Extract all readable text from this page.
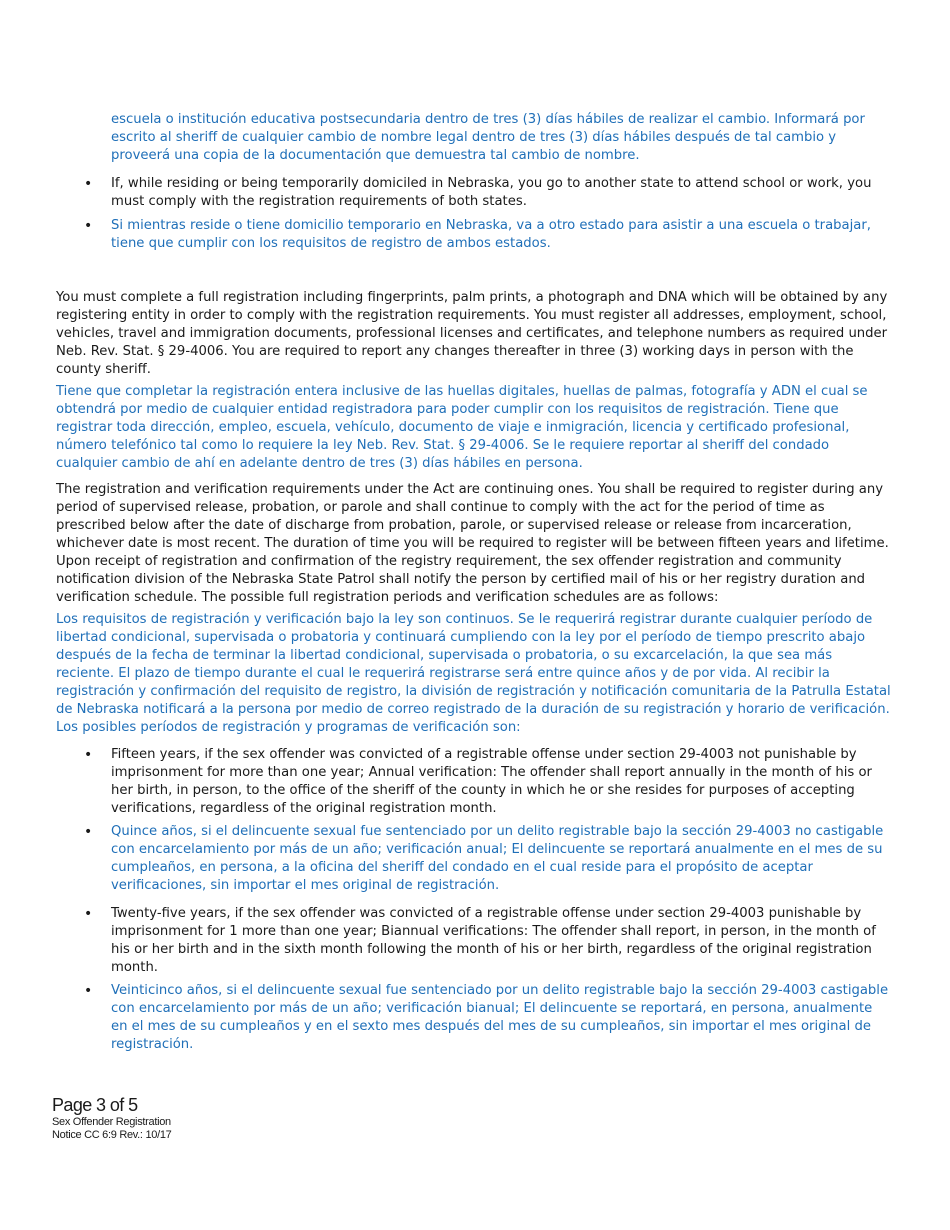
escuela o institución educativa postsecundaria dentro de tres (3) días hábiles de realizar el cambio. Informará por escrito al sheriff de cualquier cambio de nombre legal dentro de tres (3) días hábiles después de tal cambio y proveerá una copia de la documentación que demuestra tal cambio de nombre.

• If, while residing or being temporarily domiciled in Nebraska, you go to another state to attend school or work, you must comply with the registration requirements of both states.

• Si mientras reside o tiene domicilio temporario en Nebraska, va a otro estado para asistir a una escuela o trabajar, tiene que cumplir con los requisitos de registro de ambos estados.

You must complete a full registration including fingerprints, palm prints, a photograph and DNA which will be obtained by any registering entity in order to comply with the registration requirements. You must register all addresses, employment, school, vehicles, travel and immigration documents, professional licenses and certificates, and telephone numbers as required under Neb. Rev. Stat. § 29-4006. You are required to report any changes thereafter in three (3) working days in person with the county sheriff.

Tiene que completar la registración entera inclusive de las huellas digitales, huellas de palmas, fotografía y ADN el cual se obtendrá por medio de cualquier entidad registradora para poder cumplir con los requisitos de registración. Tiene que registrar toda dirección, empleo, escuela, vehículo, documento de viaje e inmigración, licencia y certificado profesional, número telefónico tal como lo requiere la ley Neb. Rev. Stat. § 29-4006. Se le requiere reportar al sheriff del condado cualquier cambio de ahí en adelante dentro de tres (3) días hábiles en persona.

The registration and verification requirements under the Act are continuing ones. You shall be required to register during any period of supervised release, probation, or parole and shall continue to comply with the act for the period of time as prescribed below after the date of discharge from probation, parole, or supervised release or release from incarceration, whichever date is most recent. The duration of time you will be required to register will be between fifteen years and lifetime. Upon receipt of registration and confirmation of the registry requirement, the sex offender registration and community notification division of the Nebraska State Patrol shall notify the person by certified mail of his or her registry duration and verification schedule. The possible full registration periods and verification schedules are as follows:

Los requisitos de registración y verificación bajo la ley son continuos. Se le requerirá registrar durante cualquier período de libertad condicional, supervisada o probatoria y continuará cumpliendo con la ley por el período de tiempo prescrito abajo después de la fecha de terminar la libertad condicional, supervisada o probatoria, o su excarcelación, la que sea más reciente. El plazo de tiempo durante el cual le requerirá registrarse será entre quince años y de por vida. Al recibir la registración y confirmación del requisito de registro, la división de registración y notificación comunitaria de la Patrulla Estatal de Nebraska notificará a la persona por medio de correo registrado de la duración de su registración y horario de verificación. Los posibles períodos de registración y programas de verificación son:

• Fifteen years, if the sex offender was convicted of a registrable offense under section 29-4003 not punishable by imprisonment for more than one year; Annual verification: The offender shall report annually in the month of his or her birth, in person, to the office of the sheriff of the county in which he or she resides for purposes of accepting verifications, regardless of the original registration month.

• Quince años, si el delincuente sexual fue sentenciado por un delito registrable bajo la sección 29-4003 no castigable con encarcelamiento por más de un año; verificación anual; El delincuente se reportará anualmente en el mes de su cumpleaños, en persona, a la oficina del sheriff del condado en el cual reside para el propósito de aceptar verificaciones, sin importar el mes original de registración.

• Twenty-five years, if the sex offender was convicted of a registrable offense under section 29-4003 punishable by imprisonment for 1 more than one year; Biannual verifications: The offender shall report, in person, in the month of his or her birth and in the sixth month following the month of his or her birth, regardless of the original registration month.

• Veinticinco años, si el delincuente sexual fue sentenciado por un delito registrable bajo la sección 29-4003 castigable con encarcelamiento por más de un año; verificación bianual; El delincuente se reportará, en persona, anualmente en el mes de su cumpleaños y en el sexto mes después del mes de su cumpleaños, sin importar el mes original de registración.

Page 3 of 5
Sex Offender Registration
Notice CC 6:9 Rev.: 10/17
